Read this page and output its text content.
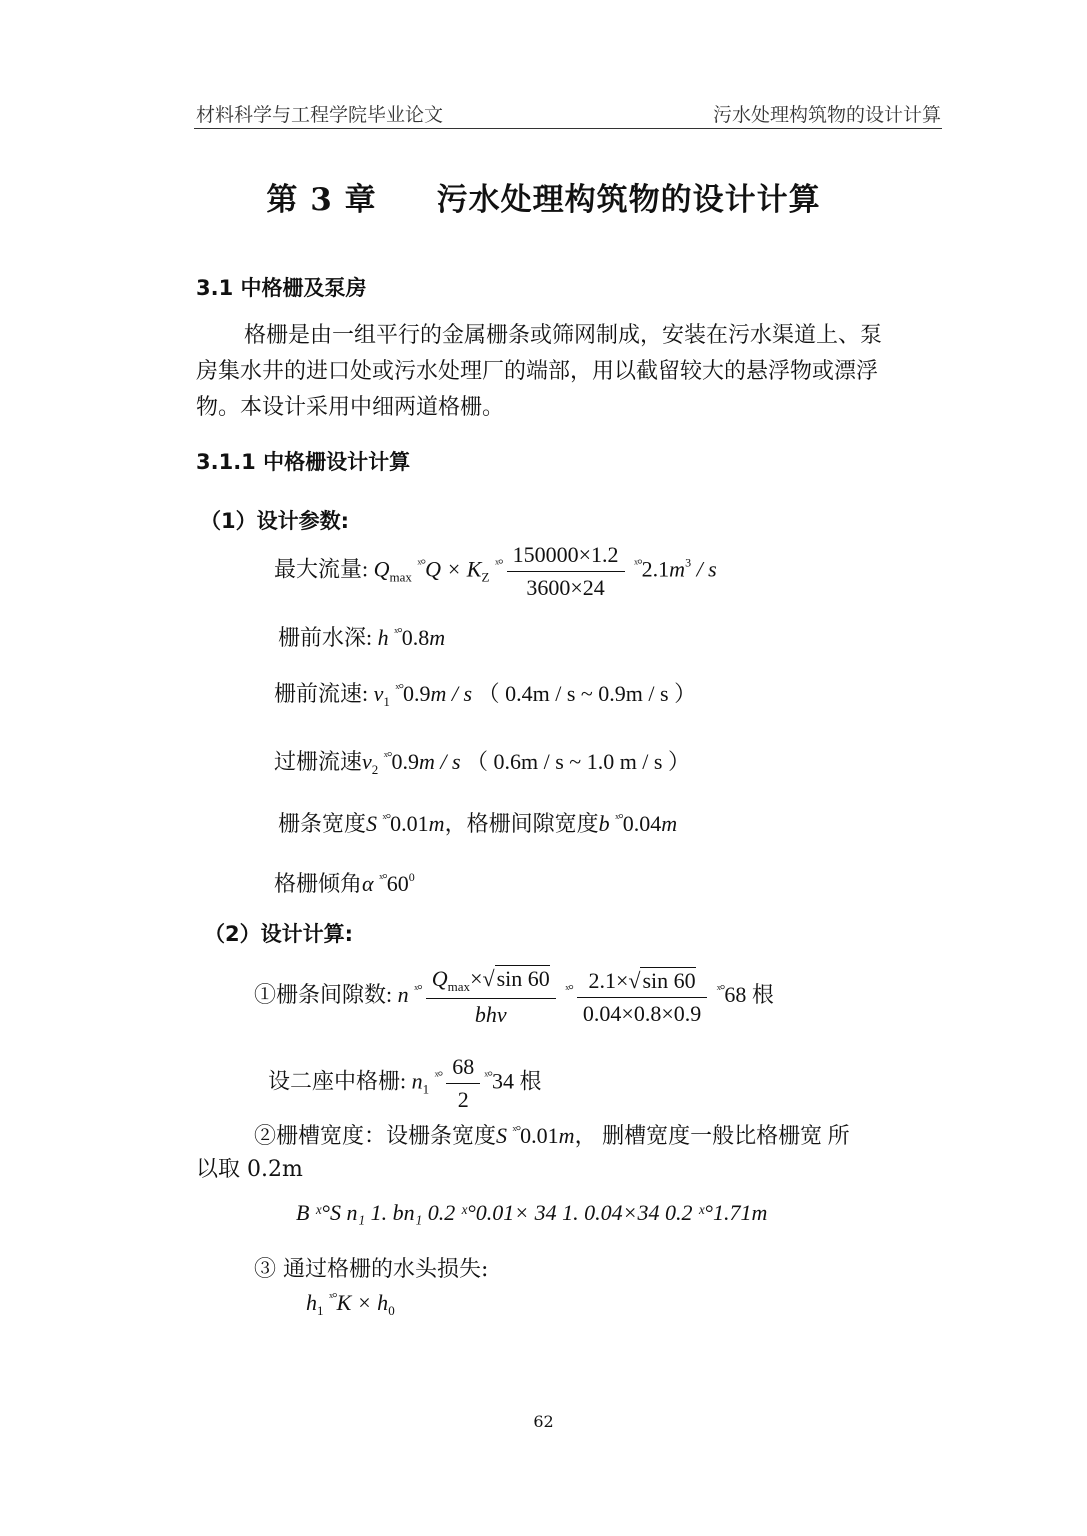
材料科学与工程学院毕业论文	污水处理构筑物的设计计算
第 3 章 污水处理构筑物的设计计算
3.1 中格栅及泵房
格栅是由一组平行的金属栅条或筛网制成，安装在污水渠道上、泵
房集水井的进口处或污水处理厂的端部，用以截留较大的悬浮物或漂浮
物。本设计采用中细两道格栅。
3.1.1 中格栅设计计算
（1）设计参数:
最大流量: $Q_{max}$ $^{ˣ^\circ}Q \times K_Z$ $^{ˣ^\circ} \frac{150000\times 1.2}{3600\times 24} ^{ˣ^\circ}2.1m^3$ / s
栅前水深: h $^{ˣ^\circ}$0.8m
栅前流速: $v_1$ $^{ˣ^\circ}$0.9m / s （ 0.4m / s ~ 0.9m / s ）
过栅流速$v_2$ $^{ˣ^\circ}$0.9m / s （ 0.6m / s ~ 1.0 m / s ）
栅条宽度S $^{ˣ^\circ}$0.01m，格栅间隙宽度b $^{ˣ^\circ}$0.04m
格栅倾角α $^{ˣ^\circ}60^0$
（2）设计计算:
①栅条间隙数: n $^{ˣ^\circ} \frac{Q_{max}\times√\sin 60}{\text{bhv}} ^{ˣ^\circ} \frac{2.1\times√\sin 60}{0.04\times 0.8\times 0.9} ^{ˣ^\circ}68$ 根
设二座中格栅: $n_1$ $^{ˣ^\circ} \frac{68}{2} ^{ˣ^\circ}34$ 根
②栅槽宽度：设栅条宽度S $^{ˣ^\circ}$0.01m， 删槽宽度一般比格栅宽 所
以取 0.2m
B ˣ°S n₁ 1. bn₁ 0.2 ˣ°0.01× 34 1. 0.04×34 0.2 ˣ°1.71m
③ 通过格栅的水头损失:
$h_1$ $^{ˣ^\circ}K \times h_0$
62
